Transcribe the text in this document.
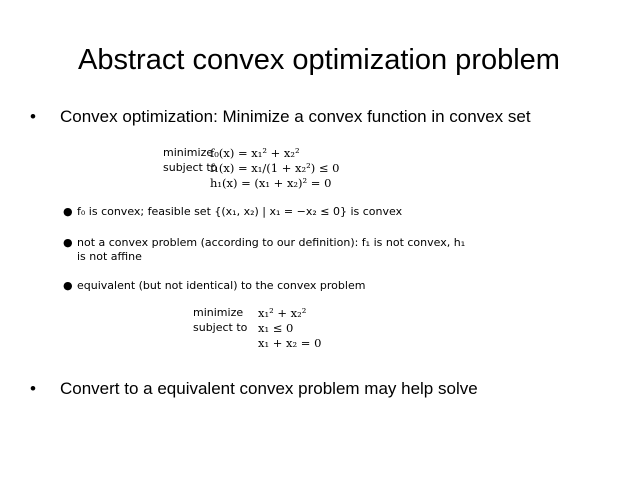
Abstract convex optimization problem
• Convex optimization: Minimize a convex function in convex set
minimize
f₀(x) = x₁² + x₂²
subject to
f₁(x) = x₁/(1 + x₂²) ≤ 0
h₁(x) = (x₁ + x₂)² = 0
● f₀ is convex; feasible set {(x₁, x₂) | x₁ = −x₂ ≤ 0} is convex
● not a convex problem (according to our definition): f₁ is not convex, h₁
is not affine
● equivalent (but not identical) to the convex problem
minimize x₁² + x₂²
subject to x₁ ≤ 0
x₁ + x₂ = 0
• Convert to a equivalent convex problem may help solve
